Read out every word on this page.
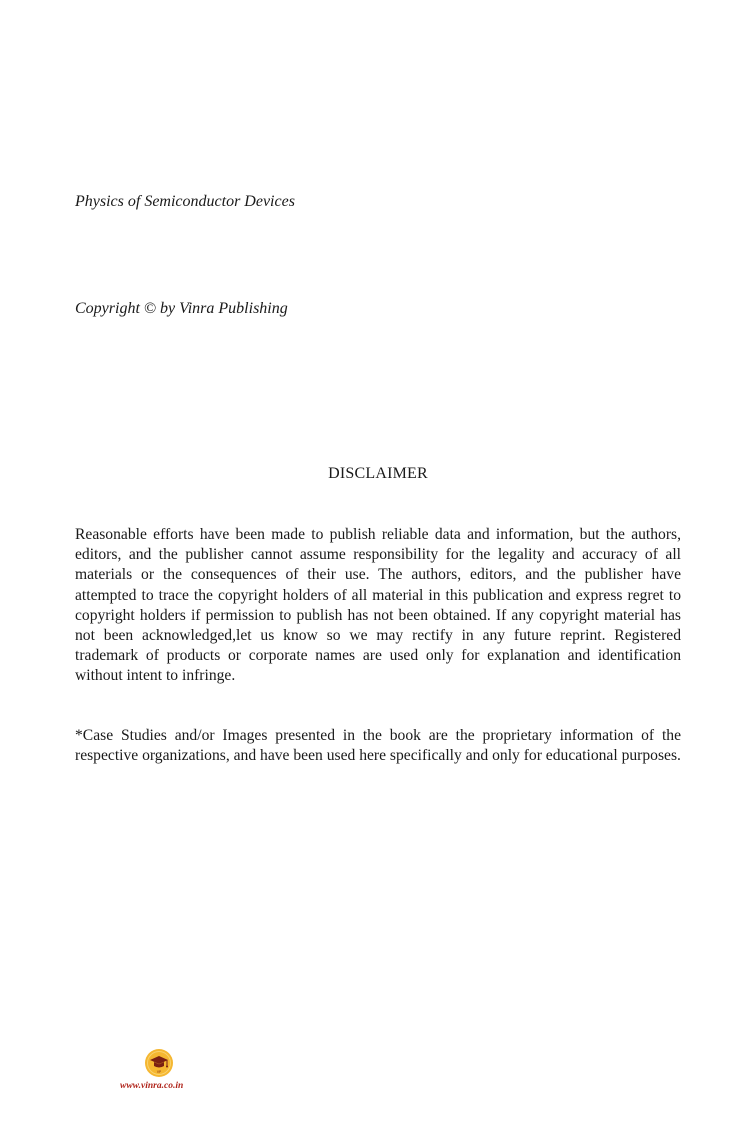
Physics of Semiconductor Devices

Copyright © by Vinra Publishing

DISCLAIMER

Reasonable efforts have been made to publish reliable data and information, but the authors, editors, and the publisher cannot assume responsibility for the legality and accuracy of all materials or the consequences of their use. The authors, editors, and the publisher have attempted to trace the copyright holders of all material in this publication and express regret to copyright holders if permission to publish has not been obtained. If any copyright material has not been acknowledged,let us know so we may rectify in any future reprint. Registered trademark of products or corporate names are used only for explanation and identification without intent to infringe.

*Case Studies and/or Images presented in the book are the proprietary information of the respective organizations, and have been used here specifically and only for educational purposes.

VP
www.vinra.co.in
